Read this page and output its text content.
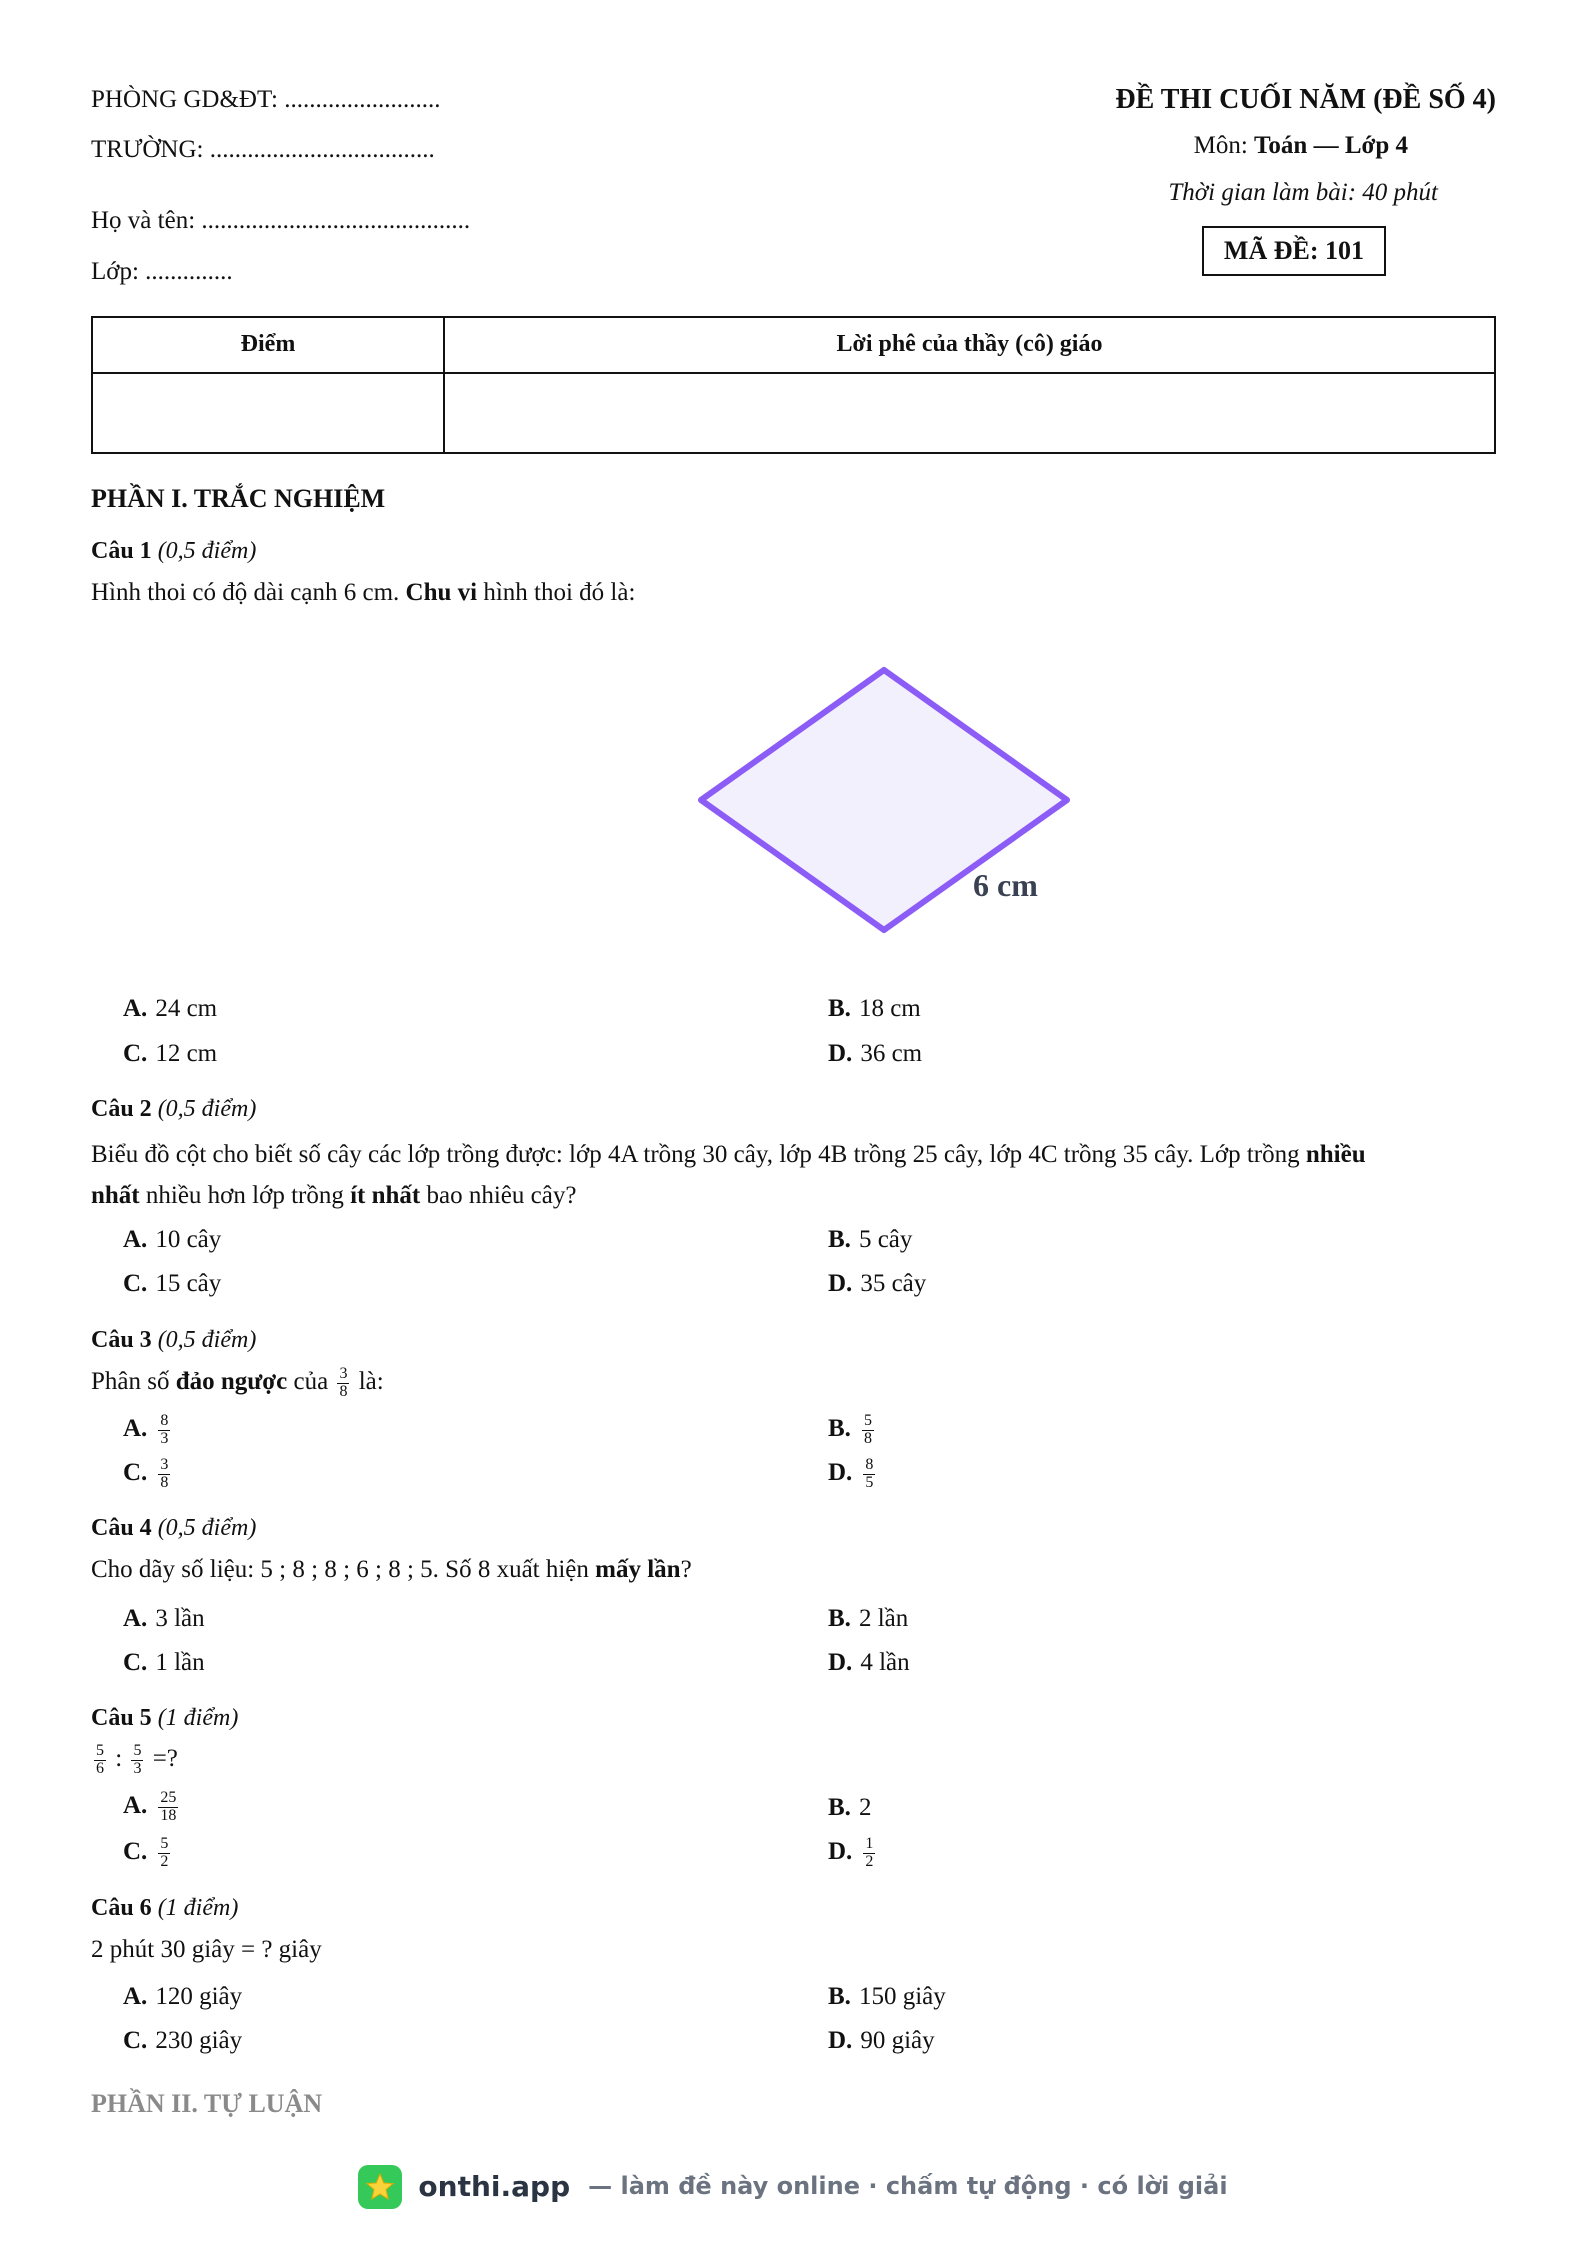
PHÒNG GD&ĐT: .........................
TRƯỜNG: ....................................
Họ và tên: ...........................................
Lớp: ..............
ĐỀ THI CUỐI NĂM (ĐỀ SỐ 4)
Môn: Toán — Lớp 4
Thời gian làm bài: 40 phút
MÃ ĐỀ: 101
Điểm	Lời phê của thầy (cô) giáo

PHẦN I. TRẮC NGHIỆM
Câu 1 (0,5 điểm)
Hình thoi có độ dài cạnh 6 cm. Chu vi hình thoi đó là:
6 cm
A. 24 cm	B. 18 cm
C. 12 cm	D. 36 cm
Câu 2 (0,5 điểm)
Biểu đồ cột cho biết số cây các lớp trồng được: lớp 4A trồng 30 cây, lớp 4B trồng 25 cây, lớp 4C trồng 35 cây. Lớp trồng nhiều
nhất nhiều hơn lớp trồng ít nhất bao nhiêu cây?
A. 10 cây	B. 5 cây
C. 15 cây	D. 35 cây
Câu 3 (0,5 điểm)
Phân số đảo ngược của $\frac{3}{8}$ là:
A. $\frac{8}{3}$	B. $\frac{5}{8}$
C. $\frac{3}{8}$	D. $\frac{8}{5}$
Câu 4 (0,5 điểm)
Cho dãy số liệu: 5 ; 8 ; 8 ; 6 ; 8 ; 5. Số 8 xuất hiện mấy lần?
A. 3 lần	B. 2 lần
C. 1 lần	D. 4 lần
Câu 5 (1 điểm)
$\frac{5}{6}$ : $\frac{5}{3}$ =?
A. $\frac{25}{18}$	B. 2
C. $\frac{5}{2}$	D. $\frac{1}{2}$
Câu 6 (1 điểm)
2 phút 30 giây = ? giây
A. 120 giây	B. 150 giây
C. 230 giây	D. 90 giây
PHẦN II. TỰ LUẬN
onthi.app — làm đề này online · chấm tự động · có lời giải
